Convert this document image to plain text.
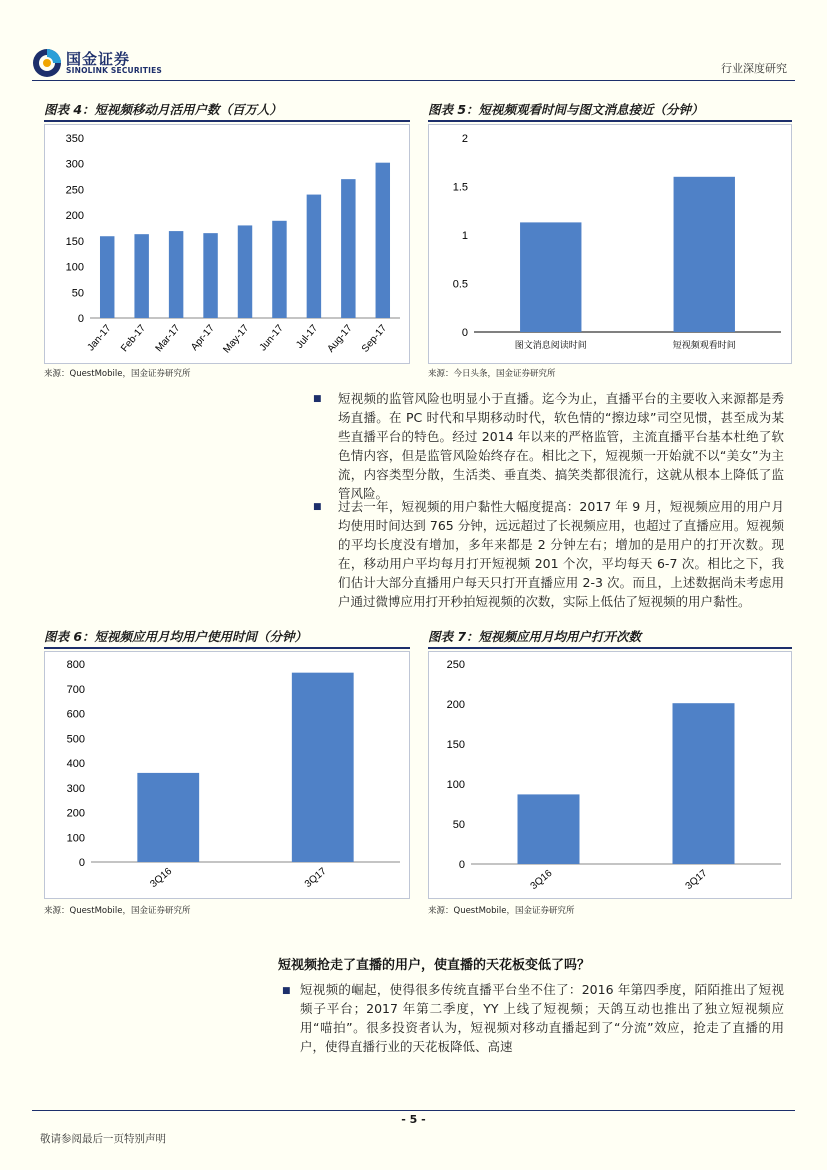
国金证券
SINOLINK SECURITIES	行业深度研究
图表 4：短视频移动月活用户数（百万人）
0
50
100
150
200
250
300
350
Jan-17 Feb-17 Mar-17 Apr-17 May-17 Jun-17 Jul-17 Aug-17 Sep-17
来源：QuestMobile，国金证券研究所
图表 5：短视频观看时间与图文消息接近（分钟）
0
0.5
1
1.5
2
图文消息阅读时间	短视频观看时间
来源：今日头条，国金证券研究所
■ 短视频的监管风险也明显小于直播。迄今为止，直播平台的主要收入来源都是秀场直播。在 PC 时代和早期移动时代，软色情的“擦边球”司空见惯，甚至成为某些直播平台的特色。经过 2014 年以来的严格监管，主流直播平台基本杜绝了软色情内容，但是监管风险始终存在。相比之下，短视频一开始就不以“美女”为主流，内容类型分散，生活类、垂直类、搞笑类都很流行，这就从根本上降低了监管风险。
■ 过去一年，短视频的用户黏性大幅度提高：2017 年 9 月，短视频应用的用户月均使用时间达到 765 分钟，远远超过了长视频应用，也超过了直播应用。短视频的平均长度没有增加，多年来都是 2 分钟左右；增加的是用户的打开次数。现在，移动用户平均每月打开短视频 201 个次，平均每天 6-7 次。相比之下，我们估计大部分直播用户每天只打开直播应用 2-3 次。而且，上述数据尚未考虑用户通过微博应用打开秒拍短视频的次数，实际上低估了短视频的用户黏性。
图表 6：短视频应用月均用户使用时间（分钟）
0
100
200
300
400
500
600
700
800
3Q16	3Q17
来源：QuestMobile，国金证券研究所
图表 7：短视频应用月均用户打开次数
0
50
100
150
200
250
3Q16	3Q17
来源：QuestMobile，国金证券研究所
短视频抢走了直播的用户，使直播的天花板变低了吗？
■ 短视频的崛起，使得很多传统直播平台坐不住了：2016 年第四季度，陌陌推出了短视频子平台；2017 年第二季度，YY 上线了短视频；天鸽互动也推出了独立短视频应用“喵拍”。很多投资者认为，短视频对移动直播起到了“分流”效应，抢走了直播的用户，使得直播行业的天花板降低、高速
- 5 -
敬请参阅最后一页特别声明
